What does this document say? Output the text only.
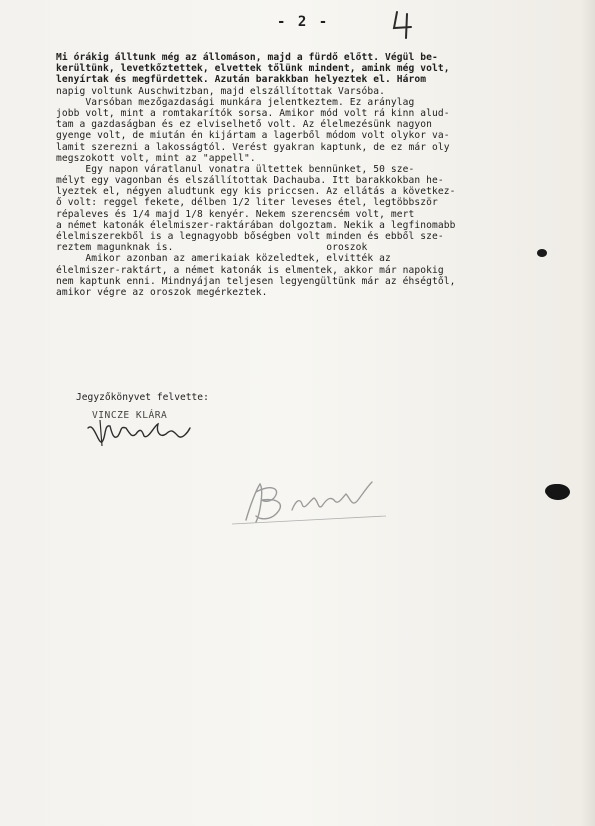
- 2 -
Mi órákig álltunk még az állomáson, majd a fürdő előtt. Végül be-
kerültünk, levetkőztettek, elvettek tőlünk mindent, amink még volt,
lenyírtak és megfürdettek. Azután barakkban helyeztek el. Három
napig voltunk Auschwitzban, majd elszállítottak Varsóba.
Varsóban mezőgazdasági munkára jelentkeztem. Ez aránylag
jobb volt, mint a romtakarítók sorsa. Amikor mód volt rá kinn alud-
tam a gazdaságban és ez elviselhető volt. Az élelmezésünk nagyon
gyenge volt, de miután én kijártam a lagerből módom volt olykor va-
lamit szerezni a lakosságtól. Verést gyakran kaptunk, de ez már oly
megszokott volt, mint az "appell".
Egy napon váratlanul vonatra ültettek bennünket, 50 sze-
mélyt egy vagonban és elszállítottak Dachauba. Itt barakkokban he-
lyeztek el, négyen aludtunk egy kis priccsen. Az ellátás a következ-
ő volt: reggel fekete, délben 1/2 liter leveses étel, legtöbbször
répaleves és 1/4 majd 1/8 kenyér. Nekem szerencsém volt, mert
a német katonák élelmiszer-raktárában dolgoztam. Nekik a legfinomabb
élelmiszerekből is a legnagyobb bőségben volt minden és ebből sze-
reztem magunknak is.                          oroszok
Amikor azonban az amerikaiak közeledtek, elvitték az
élelmiszer-raktárt, a német katonák is elmentek, akkor már napokig
nem kaptunk enni. Mindnyájan teljesen legyengültünk már az éhségtől,
amikor végre az oroszok megérkeztek.
Jegyzőkönyvet felvette:
VINCZE KLÁRA
